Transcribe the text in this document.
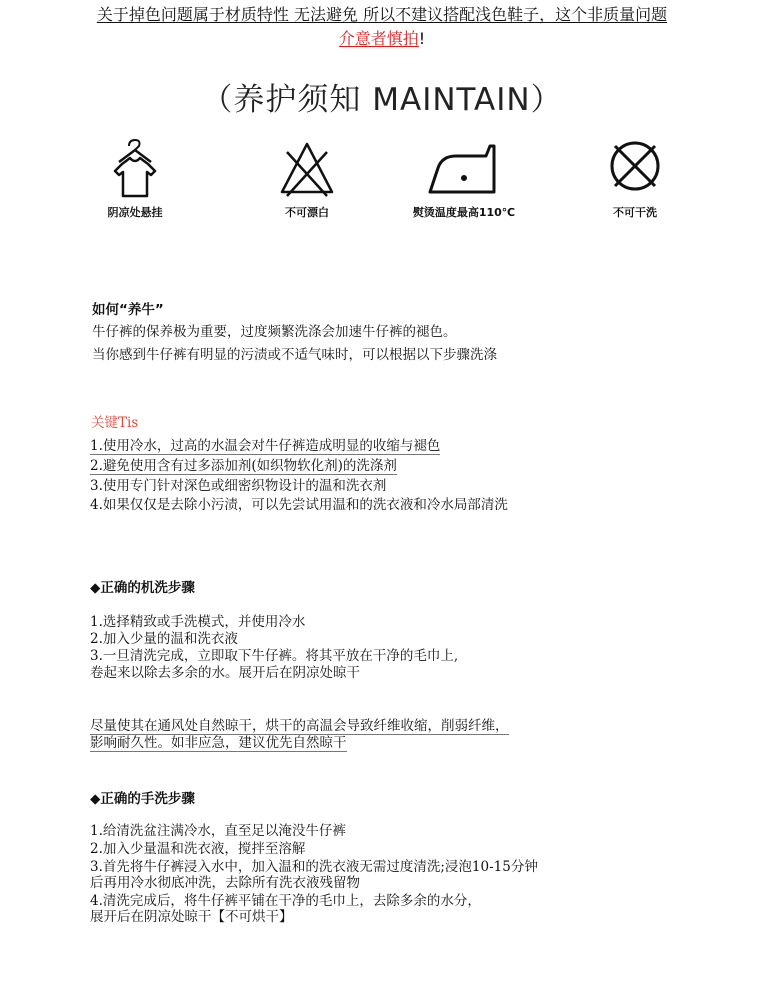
关于掉色问题属于材质特性 无法避免 所以不建议搭配浅色鞋子，这个非质量问题
介意者慎拍!
（养护须知 MAINTAIN）
阴凉处悬挂	不可漂白	熨烫温度最高110℃	不可干洗
如何“养牛”
牛仔裤的保养极为重要，过度频繁洗涤会加速牛仔裤的褪色。
当你感到牛仔裤有明显的污渍或不适气味时，可以根据以下步骤洗涤
关键Tis
1.使用冷水，过高的水温会对牛仔裤造成明显的收缩与褪色
2.避免使用含有过多添加剂(如织物软化剂)的洗涤剂
3.使用专门针对深色或细密织物设计的温和洗衣剂
4.如果仅仅是去除小污渍，可以先尝试用温和的洗衣液和冷水局部清洗
◆正确的机洗步骤
1.选择精致或手洗模式，并使用冷水
2.加入少量的温和洗衣液
3.一旦清洗完成，立即取下牛仔裤。将其平放在干净的毛巾上,
卷起来以除去多余的水。展开后在阴凉处晾干
尽量使其在通风处自然晾干，烘干的高温会导致纤维收缩，削弱纤维，
影响耐久性。如非应急，建议优先自然晾干
◆正确的手洗步骤
1.给清洗盆注满冷水，直至足以淹没牛仔裤
2.加入少量温和洗衣液，搅拌至溶解
3.首先将牛仔裤浸入水中，加入温和的洗衣液无需过度清洗;浸泡10-15分钟
后再用冷水彻底冲洗，去除所有洗衣液残留物
4.清洗完成后，将牛仔裤平铺在干净的毛巾上，去除多余的水分，
展开后在阴凉处晾干【不可烘干】
